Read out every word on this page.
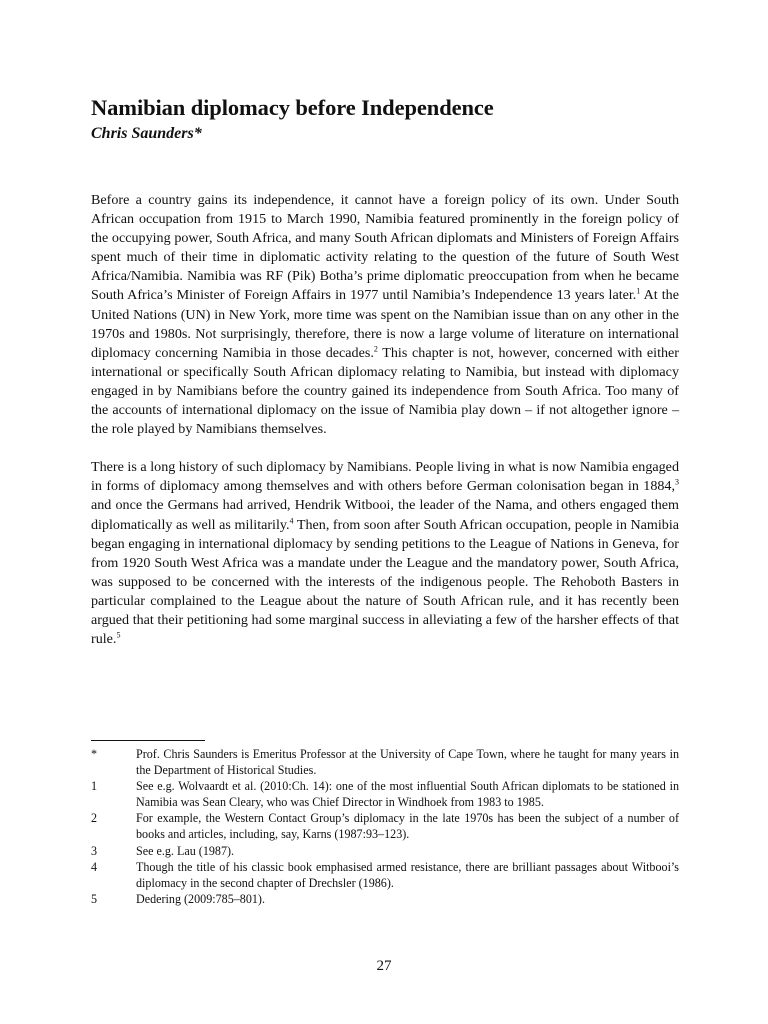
Namibian diplomacy before Independence
Chris Saunders*

Before a country gains its independence, it cannot have a foreign policy of its own. Under South African occupation from 1915 to March 1990, Namibia featured prominently in the foreign policy of the occupying power, South Africa, and many South African diplomats and Ministers of Foreign Affairs spent much of their time in diplomatic activity relating to the question of the future of South West Africa/Namibia. Namibia was RF (Pik) Botha’s prime diplomatic preoccupation from when he became South Africa’s Minister of Foreign Affairs in 1977 until Namibia’s Independence 13 years later.$^1$ At the United Nations (UN) in New York, more time was spent on the Namibian issue than on any other in the 1970s and 1980s. Not surprisingly, therefore, there is now a large volume of literature on international diplomacy concerning Namibia in those decades.$^2$ This chapter is not, however, concerned with either international or specifically South African diplomacy relating to Namibia, but instead with diplomacy engaged in by Namibians before the country gained its independence from South Africa. Too many of the accounts of international diplomacy on the issue of Namibia play down – if not altogether ignore – the role played by Namibians themselves.

There is a long history of such diplomacy by Namibians. People living in what is now Namibia engaged in forms of diplomacy among themselves and with others before German colonisation began in 1884,$^3$ and once the Germans had arrived, Hendrik Witbooi, the leader of the Nama, and others engaged them diplomatically as well as militarily.$^4$ Then, from soon after South African occupation, people in Namibia began engaging in international diplomacy by sending petitions to the League of Nations in Geneva, for from 1920 South West Africa was a mandate under the League and the mandatory power, South Africa, was supposed to be concerned with the interests of the indigenous people. The Rehoboth Basters in particular complained to the League about the nature of South African rule, and it has recently been argued that their petitioning had some marginal success in alleviating a few of the harsher effects of that rule.$^5$

*	Prof. Chris Saunders is Emeritus Professor at the University of Cape Town, where he taught for many years in the Department of Historical Studies.
1	See e.g. Wolvaardt et al. (2010:Ch. 14): one of the most influential South African diplomats to be stationed in Namibia was Sean Cleary, who was Chief Director in Windhoek from 1983 to 1985.
2	For example, the Western Contact Group’s diplomacy in the late 1970s has been the subject of a number of books and articles, including, say, Karns (1987:93–123).
3	See e.g. Lau (1987).
4	Though the title of his classic book emphasised armed resistance, there are brilliant passages about Witbooi’s diplomacy in the second chapter of Drechsler (1986).
5	Dedering (2009:785–801).
27
